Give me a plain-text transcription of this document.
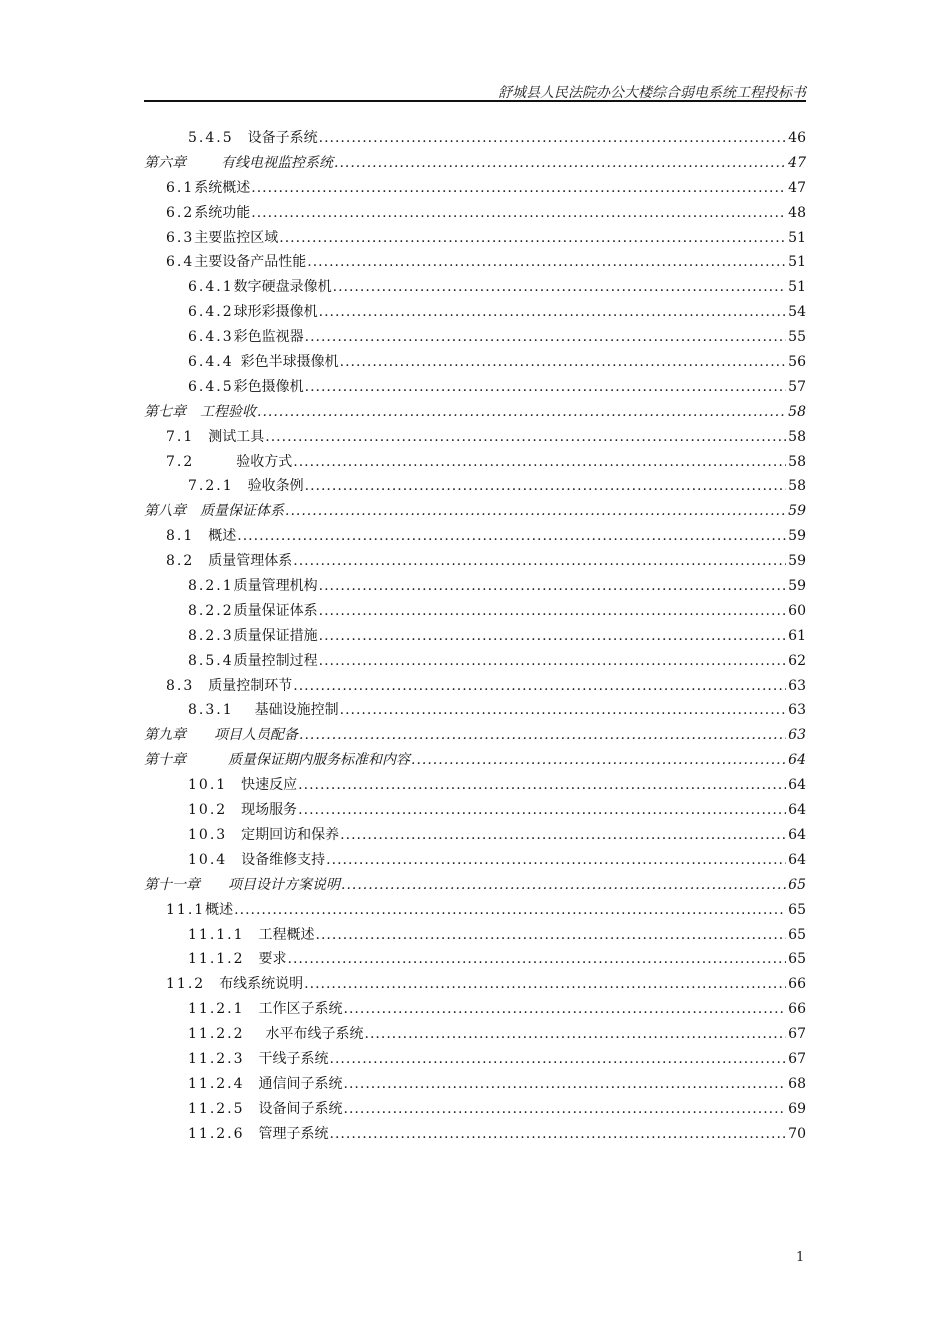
舒城县人民法院办公大楼综合弱电系统工程投标书
5.4.5 设备子系统 .....	46
第六章	有线电视监控系统 .....	47
6.1系统概述 .....	47
6.2系统功能 .....	48
6.3主要监控区域 .....	51
6.4主要设备产品性能 .....	51
6.4.1数字硬盘录像机 .....	51
6.4.2球形彩摄像机 .....	54
6.4.3彩色监视器 .....	55
6.4.4 彩色半球摄像机 .....	56
6.4.5彩色摄像机 .....	57
第七章 工程验收 .....	58
7.1 测试工具 .....	58
7.2	验收方式 .....	58
7.2.1 验收条例 .....	58
第八章 质量保证体系 .....	59
8.1 概述 .....	59
8.2 质量管理体系 .....	59
8.2.1质量管理机构 .....	59
8.2.2质量保证体系 .....	60
8.2.3质量保证措施 .....	61
8.5.4质量控制过程 .....	62
8.3 质量控制环节 .....	63
8.3.1 基础设施控制 .....	63
第九章 项目人员配备 .....	63
第十章	质量保证期内服务标准和内容 .....	64
10.1 快速反应 .....	64
10.2 现场服务 .....	64
10.3 定期回访和保养 .....	64
10.4 设备维修支持 .....	64
第十一章 项目设计方案说明 .....	65
11.1概述 .....	65
11.1.1 工程概述 .....	65
11.1.2 要求 .....	65
11.2 布线系统说明 .....	66
11.2.1 工作区子系统 .....	66
11.2.2 水平布线子系统 .....	67
11.2.3 干线子系统 .....	67
11.2.4 通信间子系统 .....	68
11.2.5 设备间子系统 .....	69
11.2.6 管理子系统 .....	70
1
